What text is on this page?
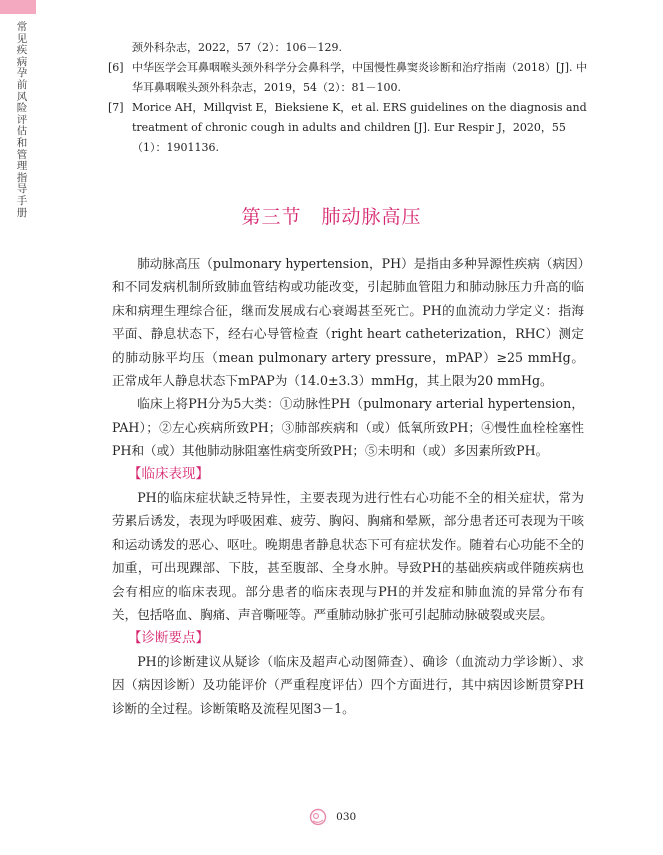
常见疾病孕前风险评估和管理指导手册
颈外科杂志，2022，57（2）：106－129.
[6] 中华医学会耳鼻咽喉头颈外科学分会鼻科学，中国慢性鼻窦炎诊断和治疗指南（2018）[J]. 中华耳鼻咽喉头颈外科杂志，2019，54（2）：81－100.
[7] Morice AH，Millqvist E，Bieksiene K，et al. ERS guidelines on the diagnosis and treatment of chronic cough in adults and children [J]. Eur Respir J，2020，55（1）：1901136.
第三节　肺动脉高压

肺动脉高压（pulmonary hypertension，PH）是指由多种异源性疾病（病因）和不同发病机制所致肺血管结构或功能改变，引起肺血管阻力和肺动脉压力升高的临床和病理生理综合征，继而发展成右心衰竭甚至死亡。PH的血流动力学定义：指海平面、静息状态下，经右心导管检查（right heart catheterization，RHC）测定的肺动脉平均压（mean pulmonary artery pressure，mPAP）≥25 mmHg。正常成年人静息状态下mPAP为（14.0±3.3）mmHg，其上限为20 mmHg。

临床上将PH分为5大类：①动脉性PH（pulmonary arterial hypertension，PAH）；②左心疾病所致PH；③肺部疾病和（或）低氧所致PH；④慢性血栓栓塞性PH和（或）其他肺动脉阻塞性病变所致PH；⑤未明和（或）多因素所致PH。

【临床表现】

PH的临床症状缺乏特异性，主要表现为进行性右心功能不全的相关症状，常为劳累后诱发，表现为呼吸困难、疲劳、胸闷、胸痛和晕厥，部分患者还可表现为干咳和运动诱发的恶心、呕吐。晚期患者静息状态下可有症状发作。随着右心功能不全的加重，可出现踝部、下肢，甚至腹部、全身水肿。导致PH的基础疾病或伴随疾病也会有相应的临床表现。部分患者的临床表现与PH的并发症和肺血流的异常分布有关，包括咯血、胸痛、声音嘶哑等。严重肺动脉扩张可引起肺动脉破裂或夹层。

【诊断要点】

PH的诊断建议从疑诊（临床及超声心动图筛查）、确诊（血流动力学诊断）、求因（病因诊断）及功能评价（严重程度评估）四个方面进行，其中病因诊断贯穿PH诊断的全过程。诊断策略及流程见图3－1。

030
